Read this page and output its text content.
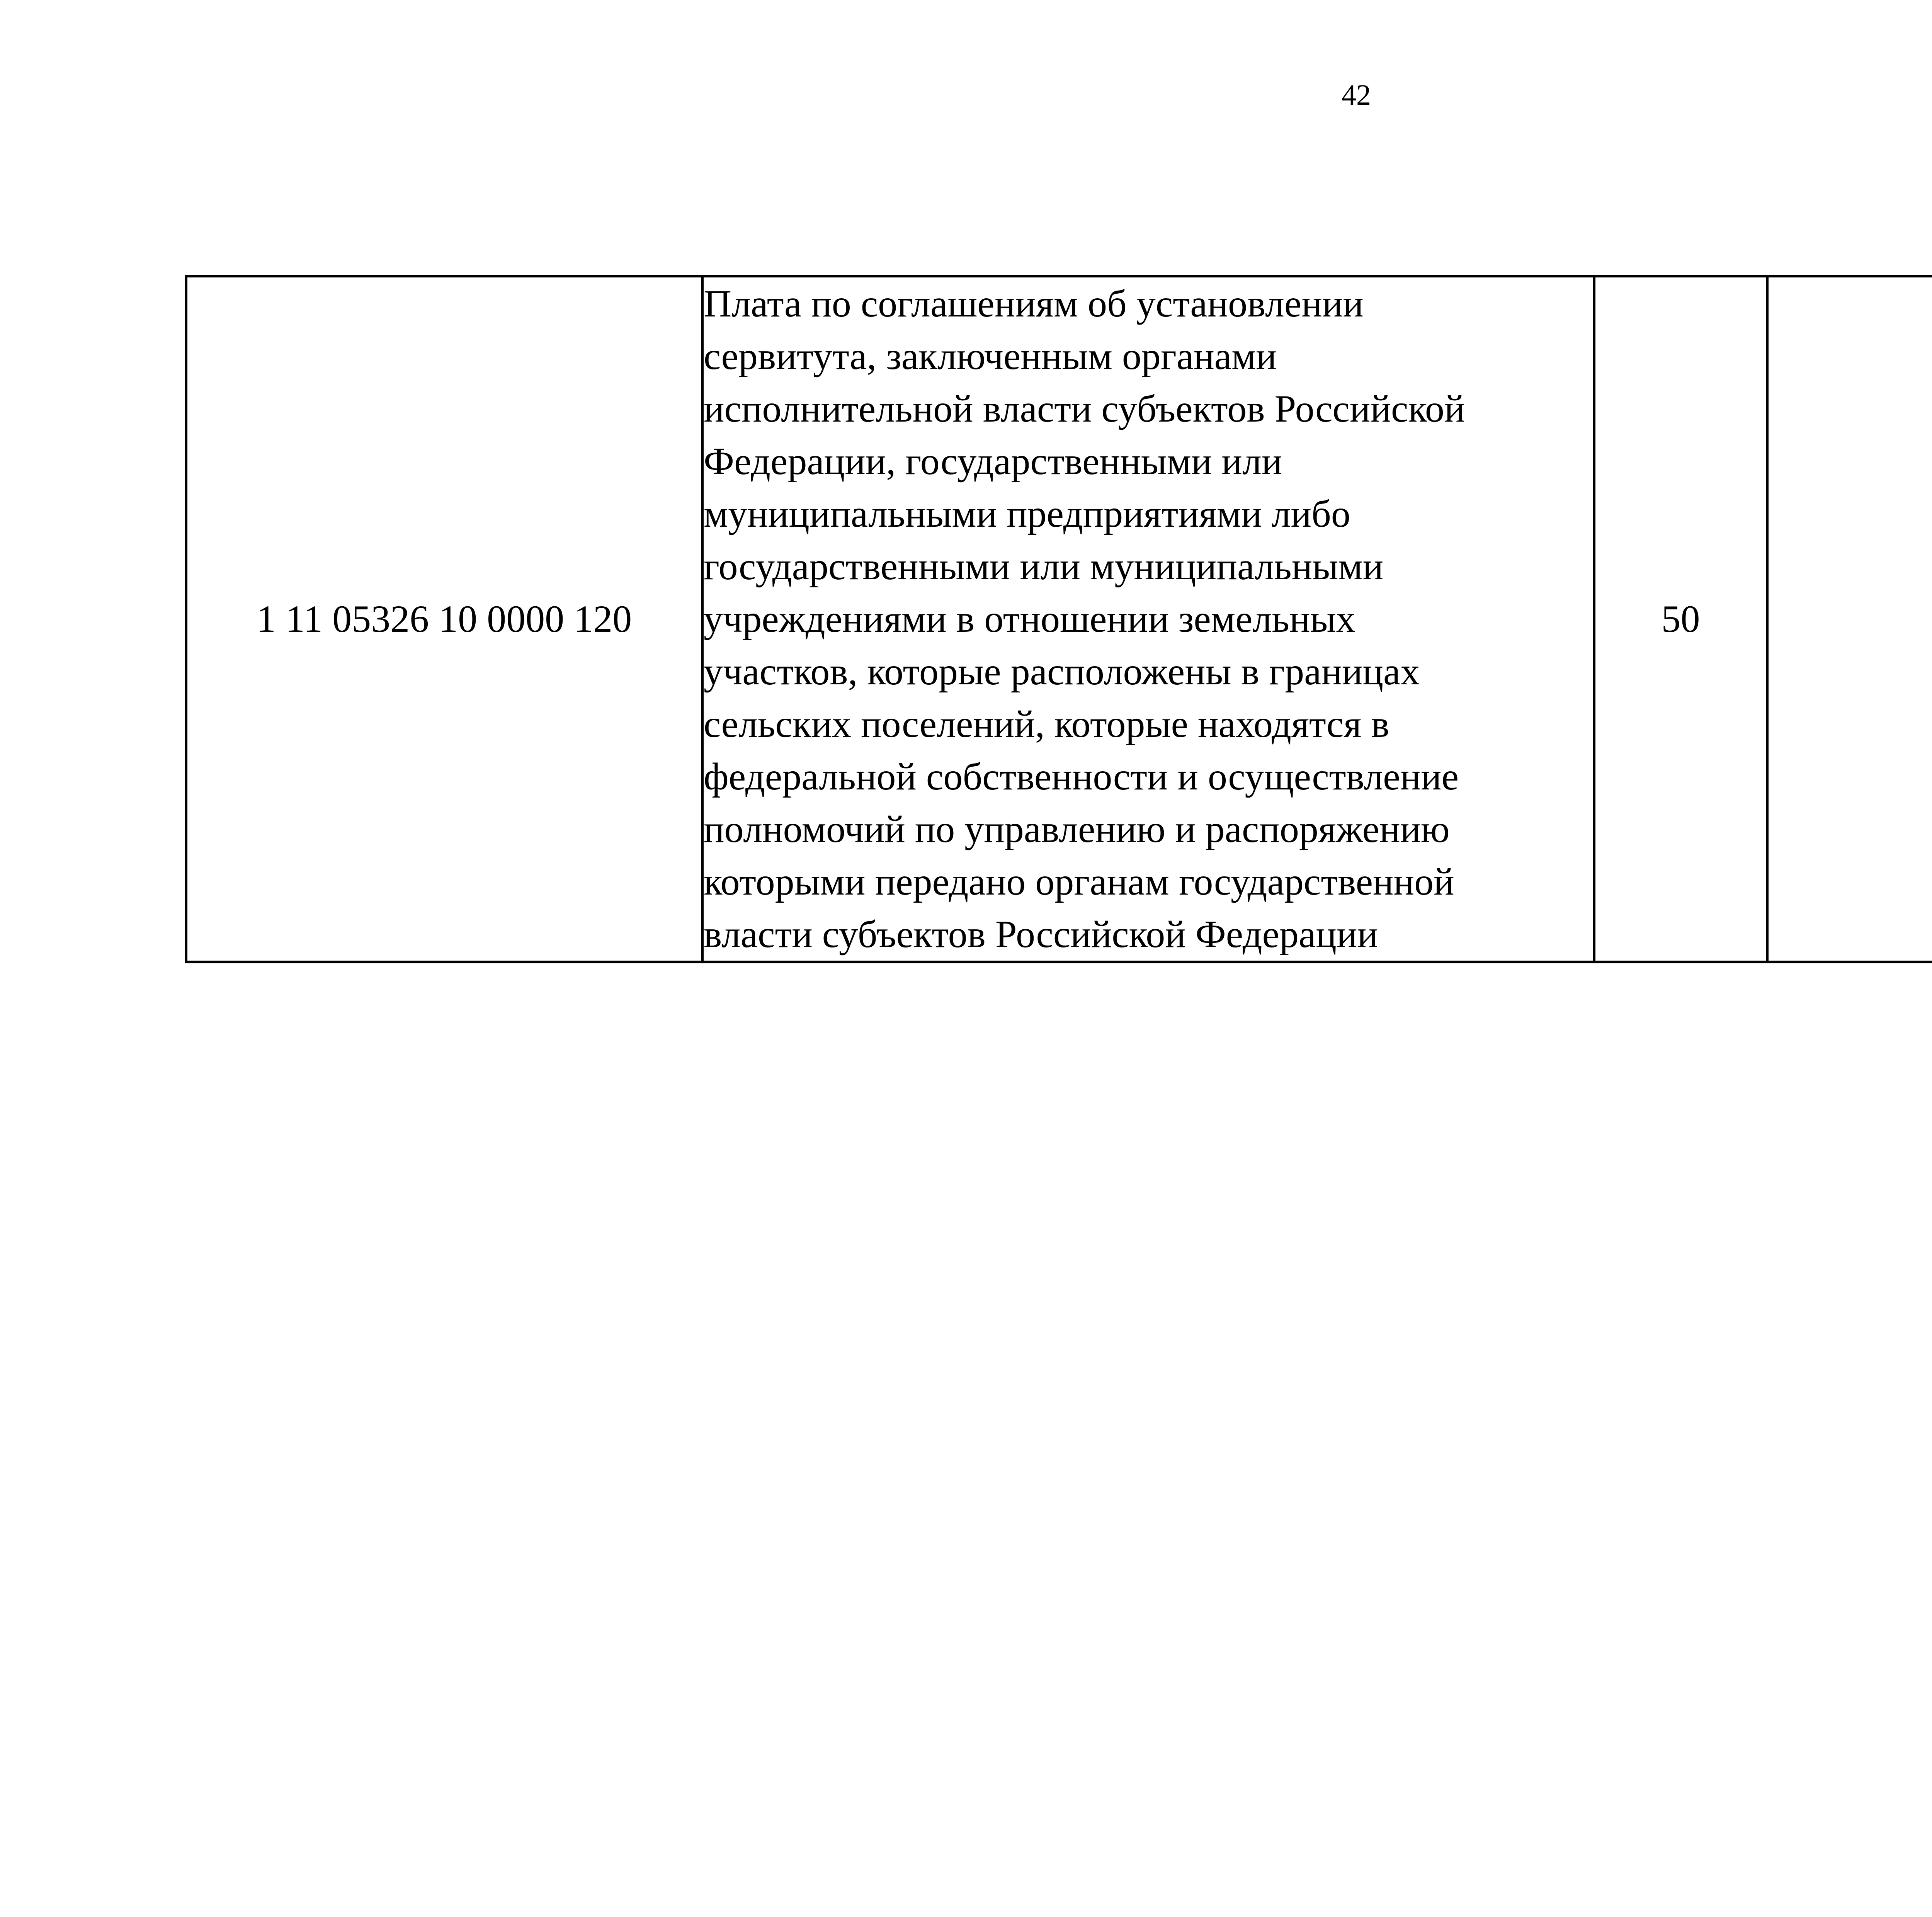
42
1 11 05326 10 0000 120	Плата по соглашениям об установлении
сервитута, заключенным органами
исполнительной власти субъектов Российской
Федерации, государственными или
муниципальными предприятиями либо
государственными или муниципальными
учреждениями в отношении земельных
участков, которые расположены в границах
сельских поселений, которые находятся в
федеральной собственности и осуществление
полномочий по управлению и распоряжению
которыми передано органам государственной
власти субъектов Российской Федерации	50				
